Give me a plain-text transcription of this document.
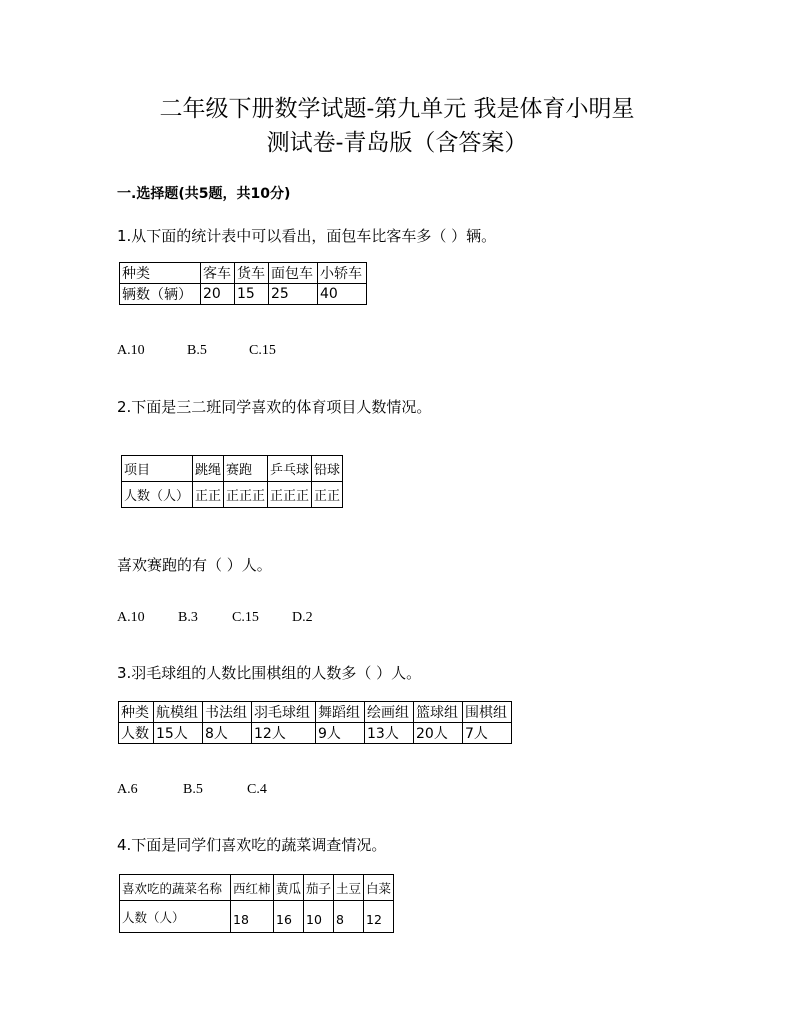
二年级下册数学试题-第九单元 我是体育小明星
测试卷-青岛版（含答案）
一.选择题(共5题，共10分)
1.从下面的统计表中可以看出，面包车比客车多（ ）辆。
种类	客车	货车	面包车	小轿车
辆数（辆）	20	15	25	40
A.10	B.5	C.15
2.下面是三二班同学喜欢的体育项目人数情况。
项目	跳绳	赛跑	乒乓球	铅球
人数（人）	正正	正正正	正正正	正正
喜欢赛跑的有（ ）人。
A.10 B.3 C.15 D.2
3.羽毛球组的人数比围棋组的人数多（ ）人。
种类	航模组	书法组	羽毛球组	舞蹈组	绘画组	篮球组	围棋组
人数	15人	8人	12人	9人	13人	20人	7人
A.6	B.5	C.4
4.下面是同学们喜欢吃的蔬菜调查情况。
喜欢吃的蔬菜名称	西红柿	黄瓜	茄子	土豆	白菜
人数（人）	18	16	10	8	12
